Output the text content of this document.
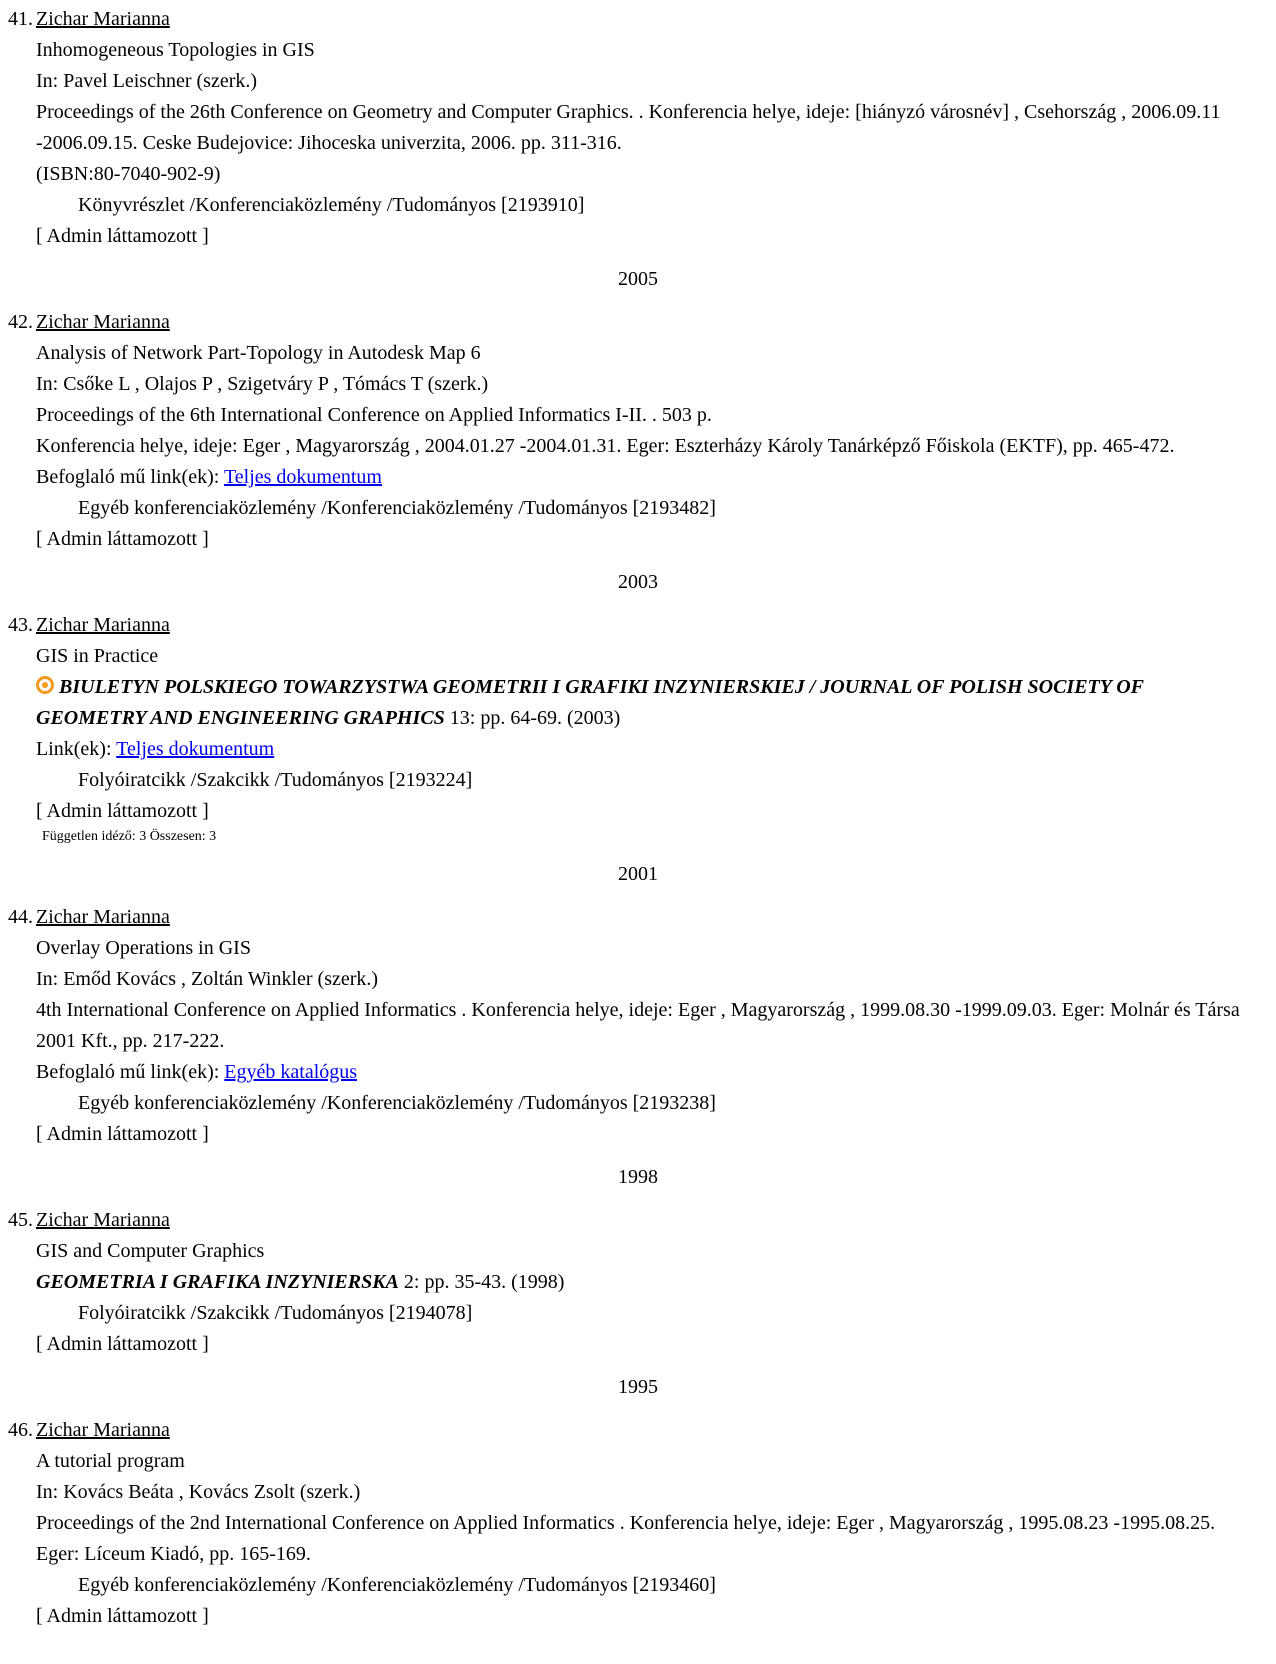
41. Zichar Marianna
Inhomogeneous Topologies in GIS
In: Pavel Leischner (szerk.)
Proceedings of the 26th Conference on Geometry and Computer Graphics. . Konferencia helye, ideje: [hiányzó városnév] , Csehország , 2006.09.11 -2006.09.15. Ceske Budejovice: Jihoceska univerzita, 2006. pp. 311-316.
(ISBN:80-7040-902-9)
Könyvrészlet /Konferenciaközlemény /Tudományos [2193910]
[ Admin láttamozott ]
2005
42. Zichar Marianna
Analysis of Network Part-Topology in Autodesk Map 6
In: Csőke L , Olajos P , Szigetváry P , Tómács T (szerk.)
Proceedings of the 6th International Conference on Applied Informatics I-II. . 503 p.
Konferencia helye, ideje: Eger , Magyarország , 2004.01.27 -2004.01.31. Eger: Eszterházy Károly Tanárképző Főiskola (EKTF), pp. 465-472.
Befoglaló mű link(ek): Teljes dokumentum
Egyéb konferenciaközlemény /Konferenciaközlemény /Tudományos [2193482]
[ Admin láttamozott ]
2003
43. Zichar Marianna
GIS in Practice
BIULETYN POLSKIEGO TOWARZYSTWA GEOMETRII I GRAFIKI INZYNIERSKIEJ / JOURNAL OF POLISH SOCIETY OF GEOMETRY AND ENGINEERING GRAPHICS 13: pp. 64-69. (2003)
Link(ek): Teljes dokumentum
Folyóiratcikk /Szakcikk /Tudományos [2193224]
[ Admin láttamozott ]
Független idéző: 3 Összesen: 3
2001
44. Zichar Marianna
Overlay Operations in GIS
In: Emőd Kovács , Zoltán Winkler (szerk.)
4th International Conference on Applied Informatics . Konferencia helye, ideje: Eger , Magyarország , 1999.08.30 -1999.09.03. Eger: Molnár és Társa 2001 Kft., pp. 217-222.
Befoglaló mű link(ek): Egyéb katalógus
Egyéb konferenciaközlemény /Konferenciaközlemény /Tudományos [2193238]
[ Admin láttamozott ]
1998
45. Zichar Marianna
GIS and Computer Graphics
GEOMETRIA I GRAFIKA INZYNIERSKA 2: pp. 35-43. (1998)
Folyóiratcikk /Szakcikk /Tudományos [2194078]
[ Admin láttamozott ]
1995
46. Zichar Marianna
A tutorial program
In: Kovács Beáta , Kovács Zsolt (szerk.)
Proceedings of the 2nd International Conference on Applied Informatics . Konferencia helye, ideje: Eger , Magyarország , 1995.08.23 -1995.08.25. Eger: Líceum Kiadó, pp. 165-169.
Egyéb konferenciaközlemény /Konferenciaközlemény /Tudományos [2193460]
[ Admin láttamozott ]
